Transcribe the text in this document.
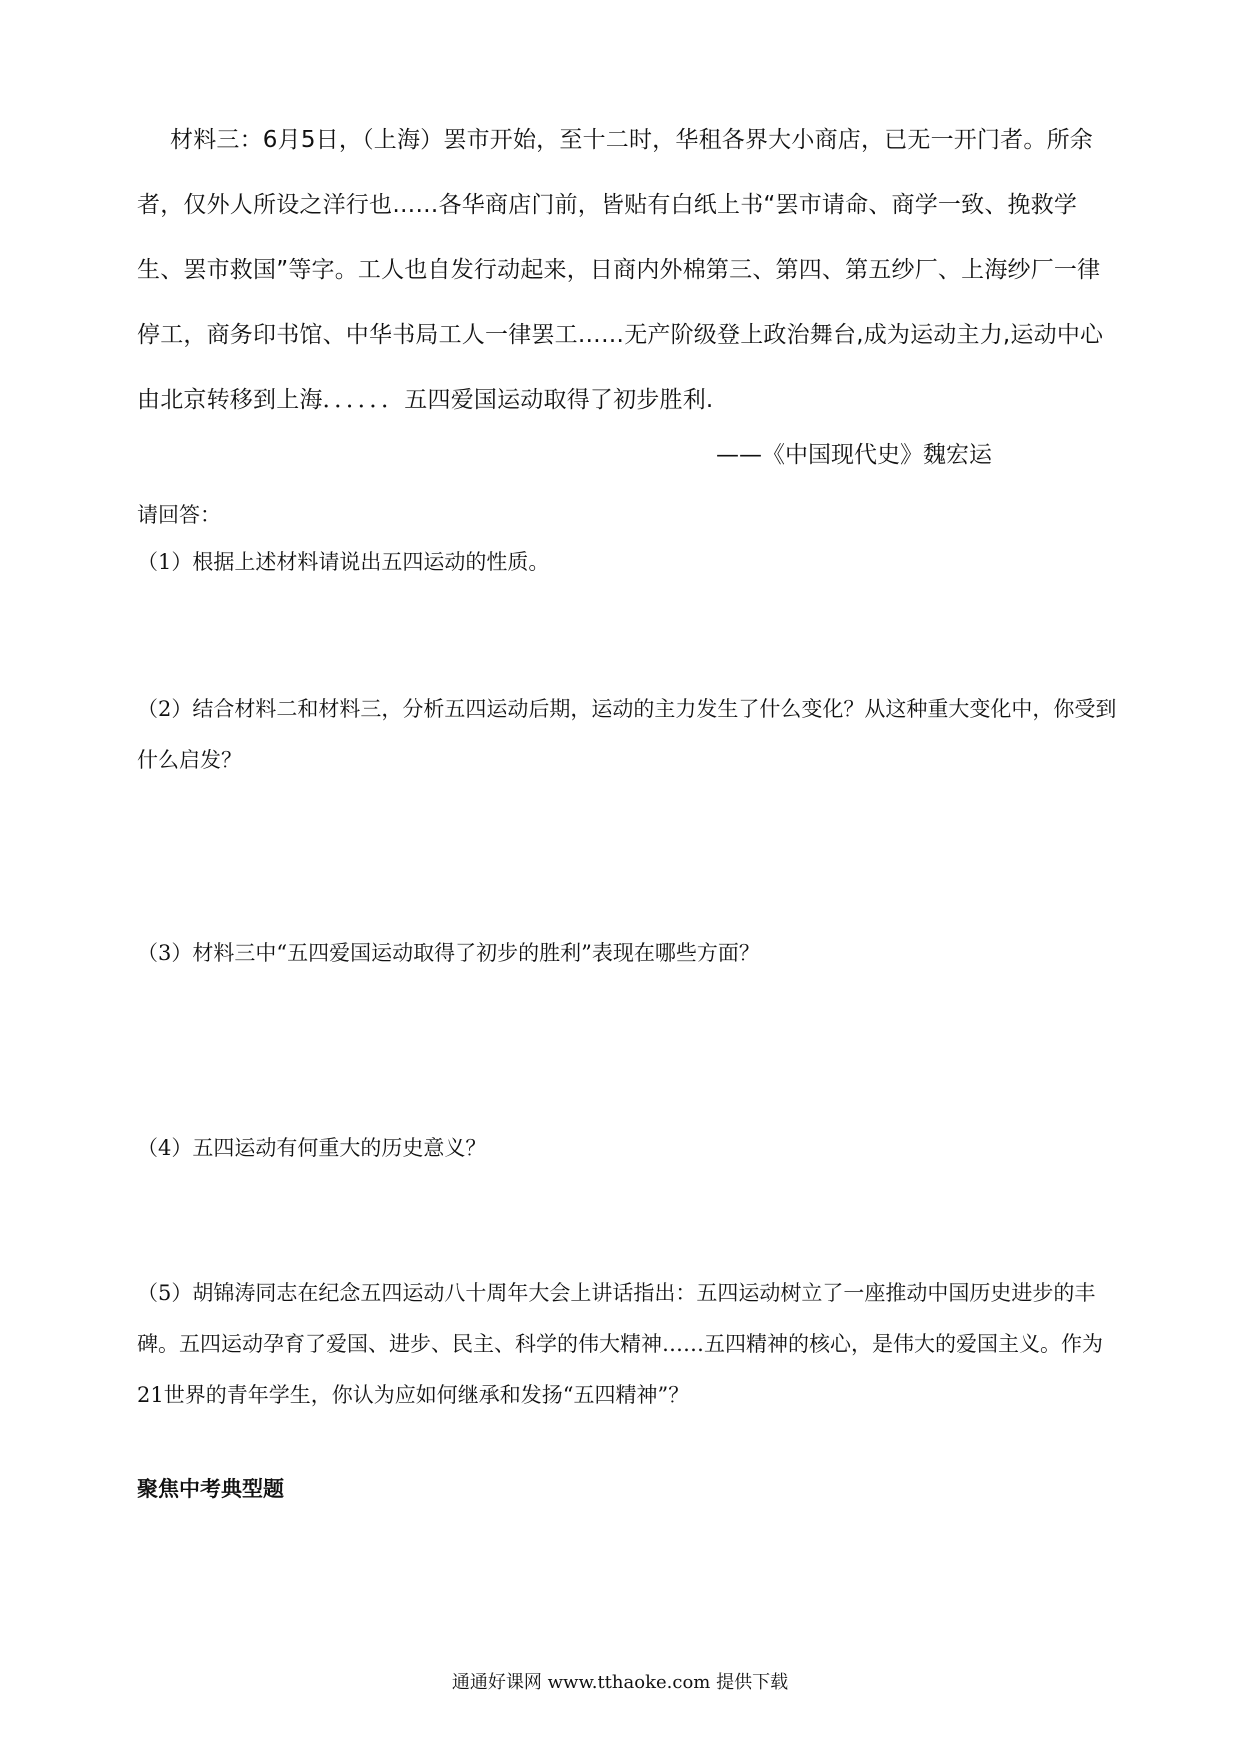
材料三：6月5日，（上海）罢市开始，至十二时，华租各界大小商店，已无一开门者。所余者，仅外人所设之洋行也……各华商店门前，皆贴有白纸上书“罢市请命、商学一致、挽救学生、罢市救国”等字。工人也自发行动起来，日商内外棉第三、第四、第五纱厂、上海纱厂一律停工，商务印书馆、中华书局工人一律罢工……无产阶级登上政治舞台,成为运动主力,运动中心由北京转移到上海．．．．．．五四爱国运动取得了初步胜利.

——《中国现代史》魏宏运

请回答：

（1）根据上述材料请说出五四运动的性质。

（2）结合材料二和材料三，分析五四运动后期，运动的主力发生了什么变化？从这种重大变化中，你受到什么启发？

（3）材料三中“五四爱国运动取得了初步的胜利”表现在哪些方面？

（4）五四运动有何重大的历史意义？

（5）胡锦涛同志在纪念五四运动八十周年大会上讲话指出：五四运动树立了一座推动中国历史进步的丰碑。五四运动孕育了爱国、进步、民主、科学的伟大精神……五四精神的核心，是伟大的爱国主义。作为21世界的青年学生，你认为应如何继承和发扬“五四精神”？

聚焦中考典型题

通通好课网 www.tthaoke.com 提供下载
